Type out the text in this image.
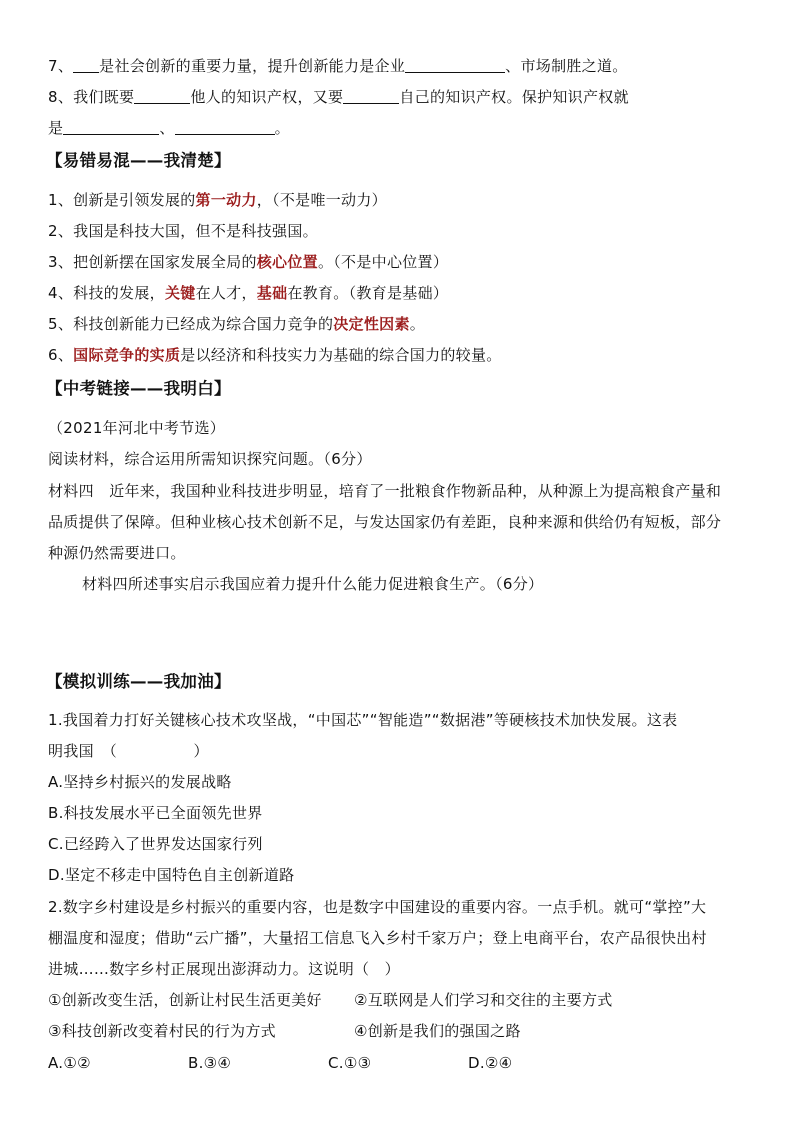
7、 是社会创新的重要力量，提升创新能力是企业	、市场制胜之道。
8、我们既要	他人的知识产权，又要	自己的知识产权。保护知识产权就
是	、	。
【易错易混——我清楚】
1、创新是引领发展的第一动力，（不是唯一动力）
2、我国是科技大国，但不是科技强国。
3、把创新摆在国家发展全局的核心位置。（不是中心位置）
4、科技的发展，关键在人才，基础在教育。（教育是基础）
5、科技创新能力已经成为综合国力竞争的决定性因素。
6、国际竞争的实质是以经济和科技实力为基础的综合国力的较量。
【中考链接——我明白】
（2021年河北中考节选）
阅读材料，综合运用所需知识探究问题。（6分）
材料四　近年来，我国种业科技进步明显，培育了一批粮食作物新品种，从种源上为提高粮食产量和
品质提供了保障。但种业核心技术创新不足，与发达国家仍有差距，良种来源和供给仍有短板，部分
种源仍然需要进口。
材料四所述事实启示我国应着力提升什么能力促进粮食生产。（6分）
【模拟训练——我加油】
1.我国着力打好关键核心技术攻坚战，“中国芯”“智能造”“数据港”等硬核技术加快发展。这表
明我国　（　　　　　）
A.坚持乡村振兴的发展战略
B.科技发展水平已全面领先世界
C.已经跨入了世界发达国家行列
D.坚定不移走中国特色自主创新道路
2.数字乡村建设是乡村振兴的重要内容，也是数字中国建设的重要内容。一点手机。就可“掌控”大
棚温度和湿度；借助“云广播”，大量招工信息飞入乡村千家万户；登上电商平台，农产品很快出村
进城……数字乡村正展现出澎湃动力。这说明（　）
①创新改变生活，创新让村民生活更美好 ②互联网是人们学习和交往的主要方式
③科技创新改变着村民的行为方式	④创新是我们的强国之路
A.①②	B.③④	C.①③	D.②④
